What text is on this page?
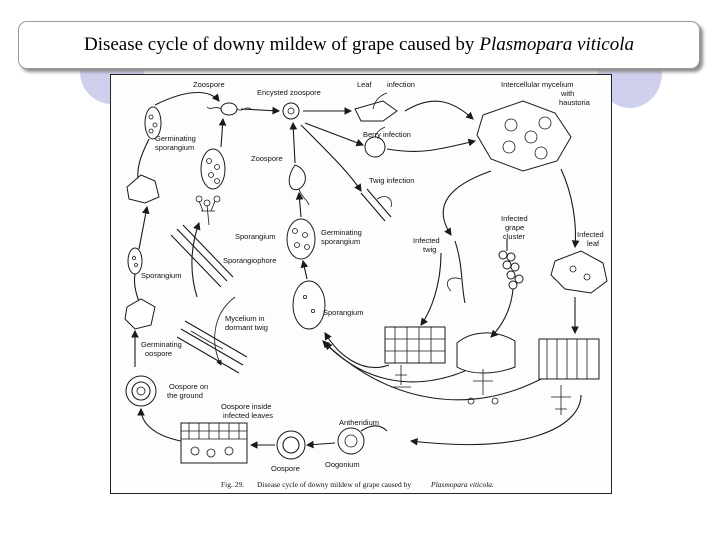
Disease cycle of downy mildew of grape caused by Plasmopara viticola
Zoospore
Encysted zoospore
Leaf infection	Intercellular mycelium
with
haustoria
Germinating
sporangium
Berry infection
Zoospore
Twig infection
Infected
grape
cluster
Sporangium	Germinating
sporangium	Infected
twig
Infected
leaf
Sporangiophore
Sporangium
Sporangium
Mycelium in
dormant twig
Germinating
oospore
Oospore on
the ground
Oospore inside
infected leaves
Antheridium
Oogonium
Oospore
Fig. 29. Disease cycle of downy mildew of grape caused by	Plasmopara viticola.
